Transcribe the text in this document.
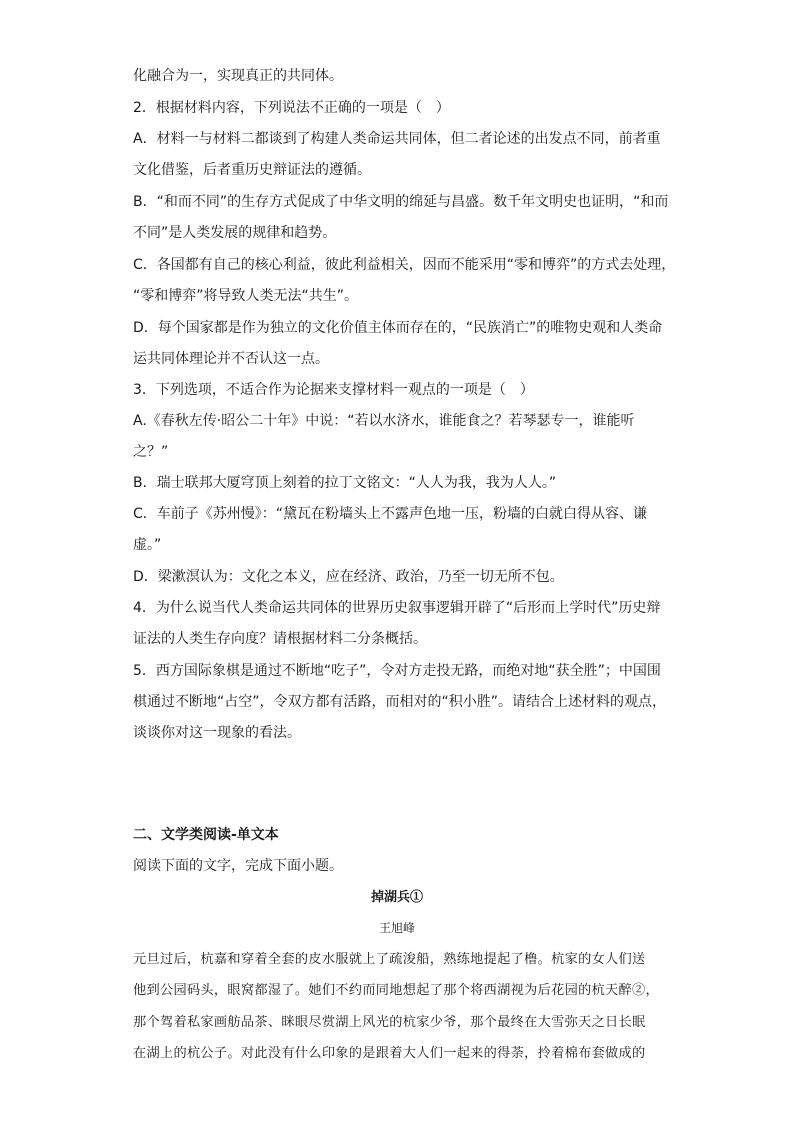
化融合为一，实现真正的共同体。
2．根据材料内容，下列说法不正确的一项是（　）
A．材料一与材料二都谈到了构建人类命运共同体，但二者论述的出发点不同，前者重
文化借鉴，后者重历史辩证法的遵循。
B．“和而不同”的生存方式促成了中华文明的绵延与昌盛。数千年文明史也证明，“和而
不同”是人类发展的规律和趋势。
C．各国都有自己的核心利益，彼此利益相关，因而不能采用“零和博弈”的方式去处理，
“零和博弈”将导致人类无法“共生”。
D．每个国家都是作为独立的文化价值主体而存在的，“民族消亡”的唯物史观和人类命
运共同体理论并不否认这一点。
3．下列选项，不适合作为论据来支撑材料一观点的一项是（　）
A.《春秋左传·昭公二十年》中说：“若以水济水，谁能食之？若琴瑟专一，谁能听
之？”
B．瑞士联邦大厦穹顶上刻着的拉丁文铭文：“人人为我，我为人人。”
C．车前子《苏州慢》：“黛瓦在粉墙头上不露声色地一压，粉墙的白就白得从容、谦
虚。”
D．梁漱溟认为：文化之本义，应在经济、政治，乃至一切无所不包。
4．为什么说当代人类命运共同体的世界历史叙事逻辑开辟了“后形而上学时代”历史辩
证法的人类生存向度？请根据材料二分条概括。
5．西方国际象棋是通过不断地“吃子”，令对方走投无路，而绝对地“获全胜”；中国围
棋通过不断地“占空”，令双方都有活路，而相对的“积小胜”。请结合上述材料的观点，
谈谈你对这一现象的看法。
二、文学类阅读-单文本
阅读下面的文字，完成下面小题。
掉湖兵①
王旭峰
元旦过后，杭嘉和穿着全套的皮水服就上了疏浚船，熟练地提起了橹。杭家的女人们送
他到公园码头，眼窝都湿了。她们不约而同地想起了那个将西湖视为后花园的杭天醉②，
那个驾着私家画舫品茶、眯眼尽赏湖上风光的杭家少爷，那个最终在大雪弥天之日长眠
在湖上的杭公子。对此没有什么印象的是跟着大人们一起来的得荼，拎着棉布套做成的
